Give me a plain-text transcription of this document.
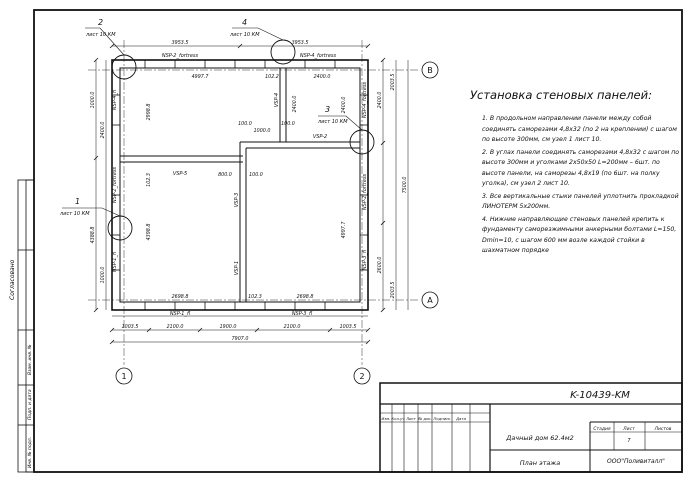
Согласовано
Взам. инв. №
Подп. и дата
Инв. № подл.
2
лист 10 КМ
4
лист 10 КМ
3
лист 10 КМ
1
лист 10 КМ
В
А
1	2
3953.5	3953.5
4997.7	102.2	2400.0
1000.0
100.0	100.0
800.0	100.0
2698.8	102.3	2698.8
1003.5	2100.0	1900.0	2100.0	1003.5
7907.0
2003.5
2400.0
7500.0
2600.0
2003.5
1000.0
2400.0
4388.8
1000.0
2998.8
4398.8
102.3
4997.7
2400.0	2400.0
NSP-2_fortress	NSP-4_fortress
NSP-1_fl	NSP-3_fl
VSP-2
VSP-5
NSP-4_fl
NSP-2_fortress
NSP-1_fl
NSP-4_fortress
NSP-2_fortress
NSP-3_fl
VSP-4
VSP-3
VSP-1
K-10439-KM
Изм. Кол.уч Лист № док. Подпись Дата
Дачный дом 62.4м2
План этажа
Стадия	Лист	Листов
7
ООО"Поливиталл"
Установка стеновых панелей:
1. В продольном направлении панели между собой соединять саморезами 4,8х32 (по 2 на креплении) с шагом по высоте 300мм, см узел 1 лист 10.
2. В углах панели соединять саморезами 4,8х32 с шагом по высоте 300мм и уголками 2х50х50 L=200мм – 6шт. по высоте панели, на саморезы 4,8х19 (по 6шт. на полку уголка), см узел 2 лист 10.
3. Все вертикальные стыки панелей уплотнить прокладкой ЛИНОТЕРМ 5х200мм.
4. Нижние направляющие стеновых панелей крепить к фундаменту саморезжимными анкерными болтами L=150, Dmin=10, с шагом 600 мм возле каждой стойки в шахматном порядке
